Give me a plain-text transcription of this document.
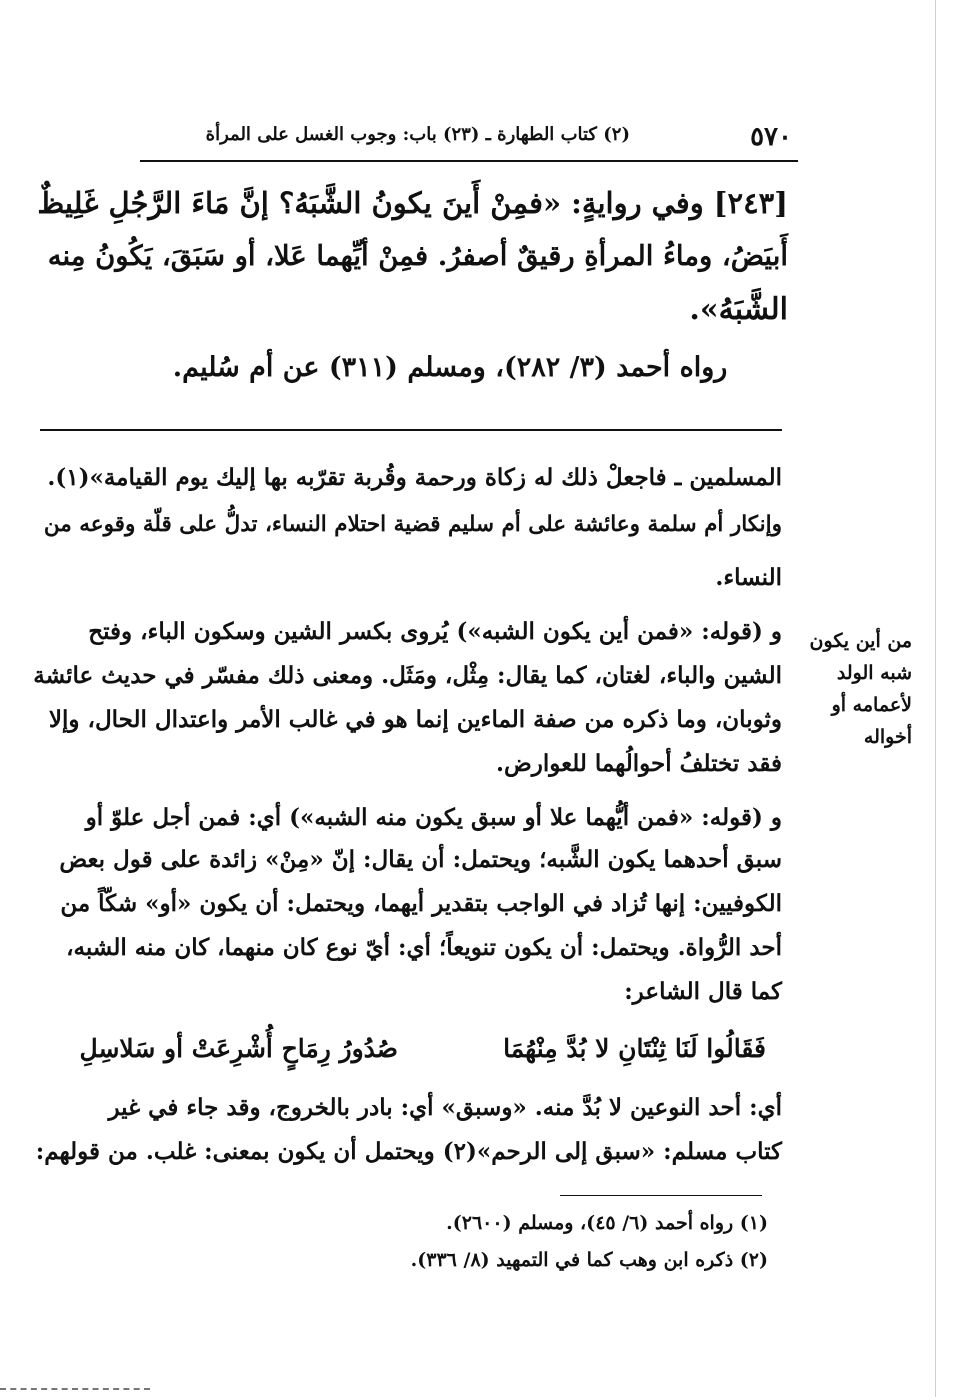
٥٧٠
(٢) كتاب الطهارة ـ (٢٣) باب: وجوب الغسل على المرأة
[٢٤٣] وفي روايةٍ: «فمِنْ أَينَ يكونُ الشَّبَهُ؟ إنَّ مَاءَ الرَّجُلِ غَلِيظٌ
أَبيَضُ، وماءُ المرأةِ رقيقٌ أصفرُ. فمِنْ أيِّهما عَلا، أو سَبَقَ، يَكُونُ مِنه
الشَّبَهُ».
رواه أحمد (٣/ ٢٨٢)، ومسلم (٣١١) عن أم سُليم.
المسلمين ـ فاجعلْ ذلك له زكاة ورحمة وقُربة تقرّبه بها إليك يوم القيامة»(١).
وإنكار أم سلمة وعائشة على أم سليم قضية احتلام النساء، تدلُّ على قلّة وقوعه من
النساء.
و (قوله: «فمن أين يكون الشبه») يُروى بكسر الشين وسكون الباء، وفتح
الشين والباء، لغتان، كما يقال: مِثْل، ومَثَل. ومعنى ذلك مفسّر في حديث عائشة
وثوبان، وما ذكره من صفة الماءين إنما هو في غالب الأمر واعتدال الحال، وإلا
فقد تختلفُ أحوالُهما للعوارض.
من أين يكون
شبه الولد
لأعمامه أو
أخواله
و (قوله: «فمن أيُّهما علا أو سبق يكون منه الشبه») أي: فمن أجل علوّ أو
سبق أحدهما يكون الشَّبه؛ ويحتمل: أن يقال: إنّ «مِنْ» زائدة على قول بعض
الكوفيين: إنها تُزاد في الواجب بتقدير أيهما، ويحتمل: أن يكون «أو» شكّاً من
أحد الرُّواة. ويحتمل: أن يكون تنويعاً؛ أي: أيّ نوع كان منهما، كان منه الشبه،
كما قال الشاعر:
فَقَالُوا لَنَا ثِنْتَانِ لا بُدَّ مِنْهُمَا
صُدُورُ رِمَاحٍ أُشْرِعَتْ أو سَلاسِلِ
أي: أحد النوعين لا بُدَّ منه. «وسبق» أي: بادر بالخروج، وقد جاء في غير
كتاب مسلم: «سبق إلى الرحم»(٢) ويحتمل أن يكون بمعنى: غلب. من قولهم:
(١) رواه أحمد (٦/ ٤٥)، ومسلم (٢٦٠٠).
(٢) ذكره ابن وهب كما في التمهيد (٨/ ٣٣٦).
